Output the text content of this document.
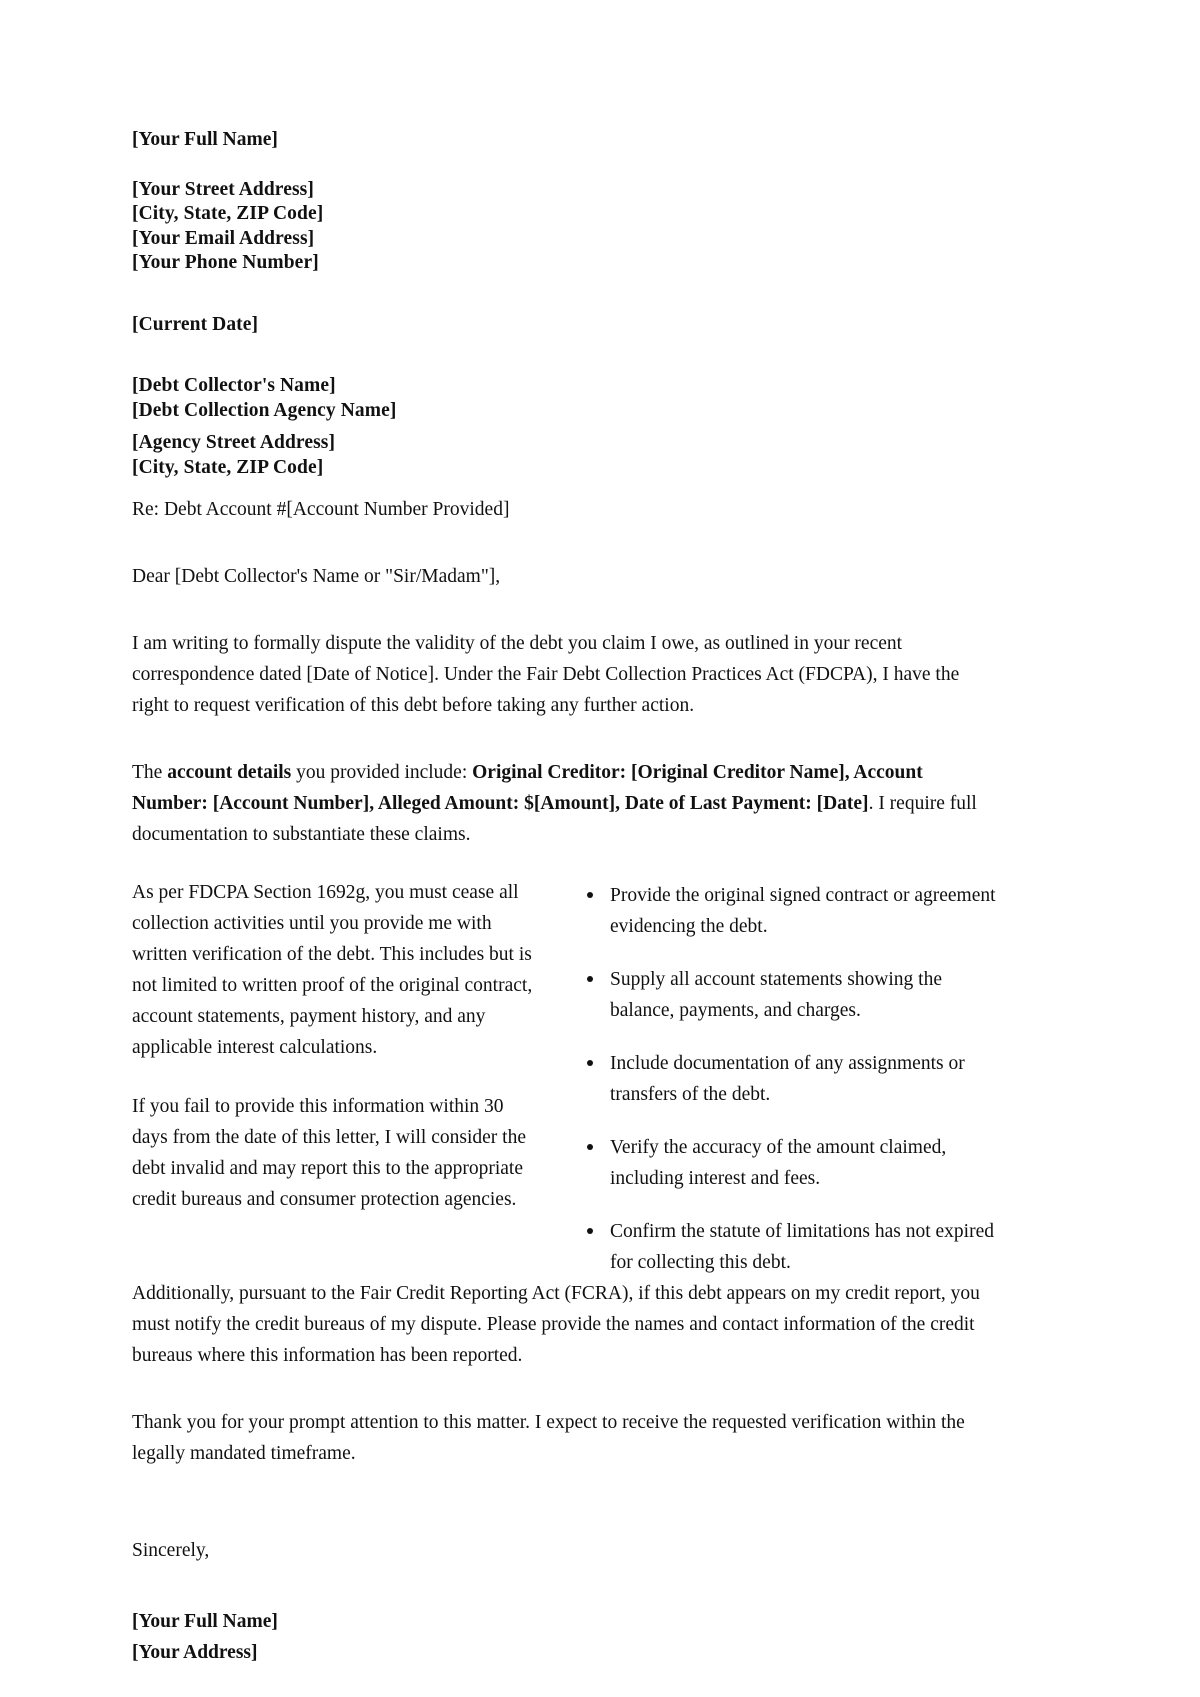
[Your Full Name]
[Your Street Address]
[City, State, ZIP Code]
[Your Email Address]
[Your Phone Number]
[Current Date]
[Debt Collector's Name]
[Debt Collection Agency Name]
[Agency Street Address]
[City, State, ZIP Code]

Re: Debt Account #[Account Number Provided]

Dear [Debt Collector's Name or "Sir/Madam"],

I am writing to formally dispute the validity of the debt you claim I owe, as outlined in your recent correspondence dated [Date of Notice]. Under the Fair Debt Collection Practices Act (FDCPA), I have the right to request verification of this debt before taking any further action.

The account details you provided include: Original Creditor: [Original Creditor Name], Account Number: [Account Number], Alleged Amount: $[Amount], Date of Last Payment: [Date]. I require full documentation to substantiate these claims.

As per FDCPA Section 1692g, you must cease all collection activities until you provide me with written verification of the debt. This includes but is not limited to written proof of the original contract, account statements, payment history, and any applicable interest calculations.

If you fail to provide this information within 30 days from the date of this letter, I will consider the debt invalid and may report this to the appropriate credit bureaus and consumer protection agencies.

Provide the original signed contract or agreement evidencing the debt.
Supply all account statements showing the balance, payments, and charges.
Include documentation of any assignments or transfers of the debt.
Verify the accuracy of the amount claimed, including interest and fees.
Confirm the statute of limitations has not expired for collecting this debt.

Additionally, pursuant to the Fair Credit Reporting Act (FCRA), if this debt appears on my credit report, you must notify the credit bureaus of my dispute. Please provide the names and contact information of the credit bureaus where this information has been reported.

Thank you for your prompt attention to this matter. I expect to receive the requested verification within the legally mandated timeframe.

Sincerely,
[Your Full Name]
[Your Address]
